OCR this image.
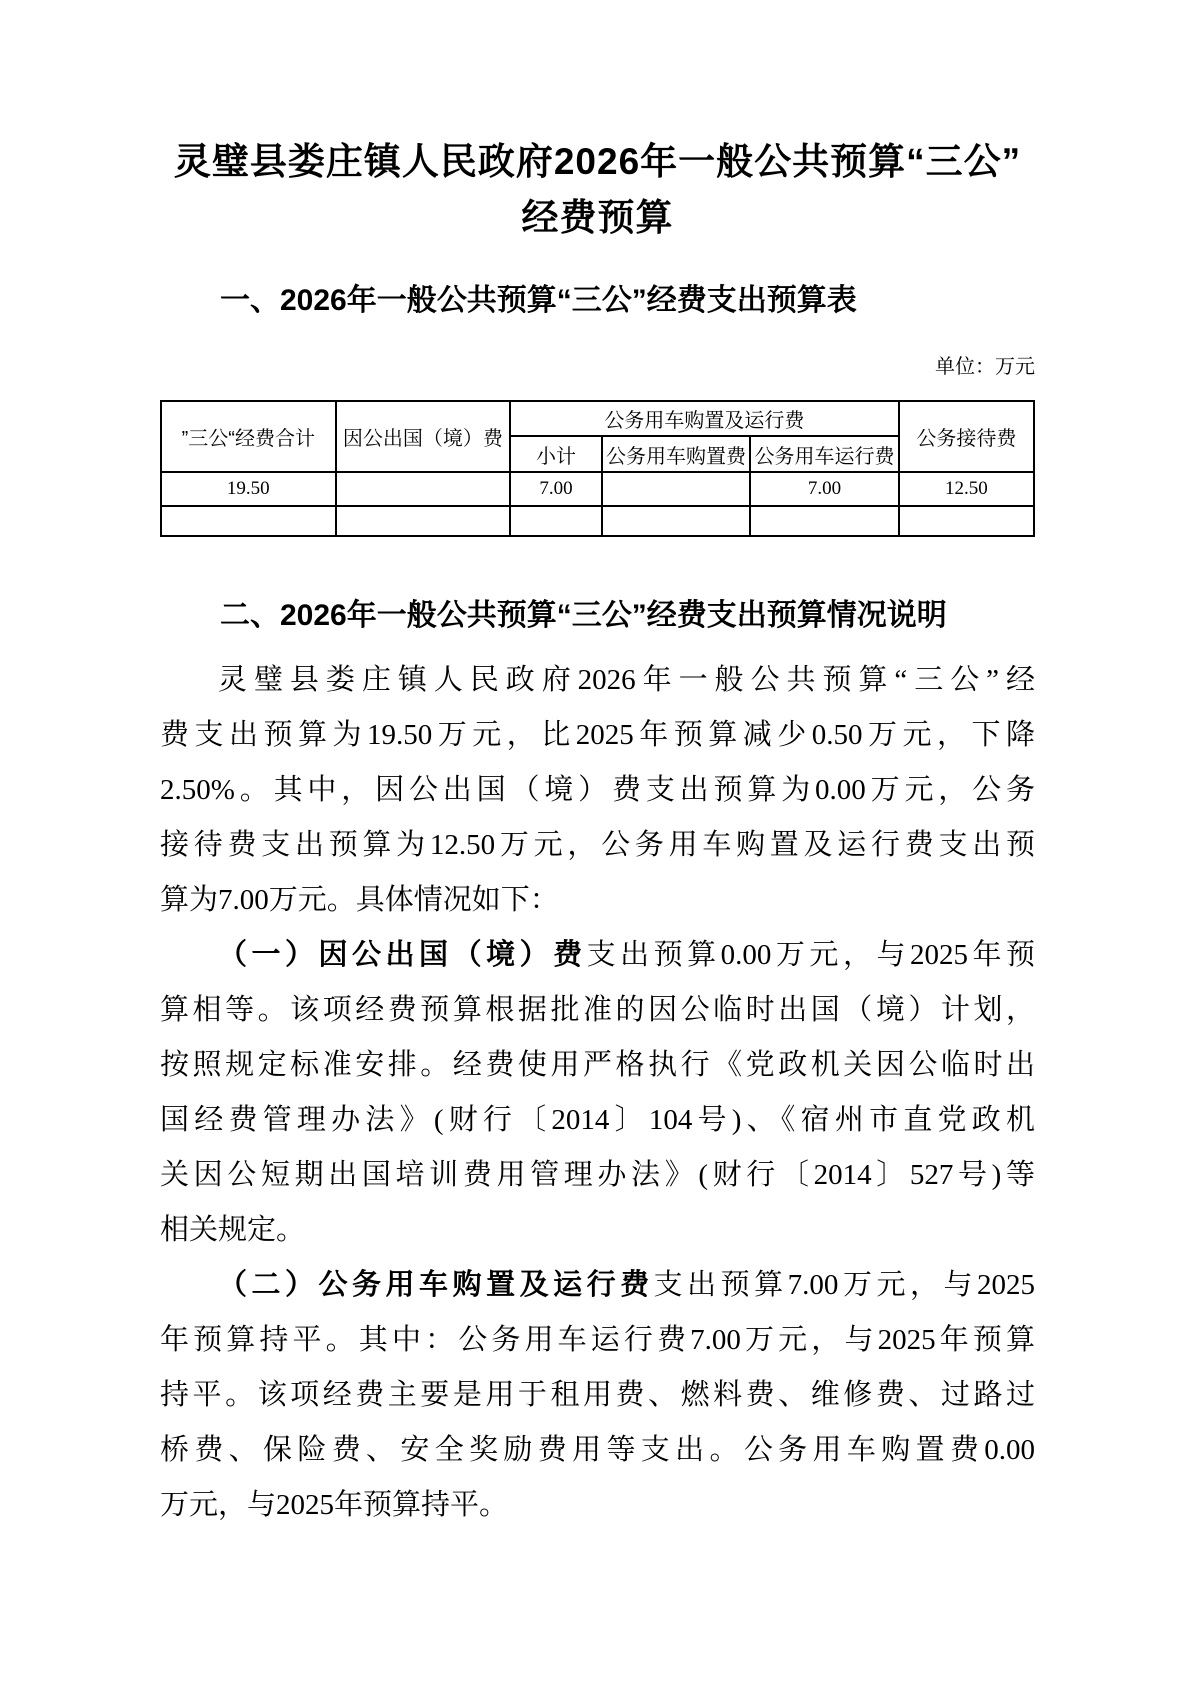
灵璧县娄庄镇人民政府2026年一般公共预算“三公”
经费预算
一、2026年一般公共预算“三公”经费支出预算表
单位：万元
”三公“经费合计	因公出国（境）费	公务用车购置及运行费			公务接待费
		小计	公务用车购置费	公务用车运行费	
19.50		7.00		7.00	12.50

二、2026年一般公共预算“三公”经费支出预算情况说明
灵璧县娄庄镇人民政府2026年一般公共预算“三公”经
费支出预算为19.50万元，比2025年预算减少0.50万元，下降
2.50%。其中，因公出国（境）费支出预算为0.00万元，公务
接待费支出预算为12.50万元，公务用车购置及运行费支出预
算为7.00万元。具体情况如下：
（一）因公出国（境）费支出预算0.00万元，与2025年预
算相等。该项经费预算根据批准的因公临时出国（境）计划，
按照规定标准安排。经费使用严格执行《党政机关因公临时出
国经费管理办法》(财行〔2014〕104号)、《宿州市直党政机
关因公短期出国培训费用管理办法》(财行〔2014〕527号)等
相关规定。
（二）公务用车购置及运行费支出预算7.00万元，与2025
年预算持平。其中：公务用车运行费7.00万元，与2025年预算
持平。该项经费主要是用于租用费、燃料费、维修费、过路过
桥费、保险费、安全奖励费用等支出。公务用车购置费0.00
万元，与2025年预算持平。
